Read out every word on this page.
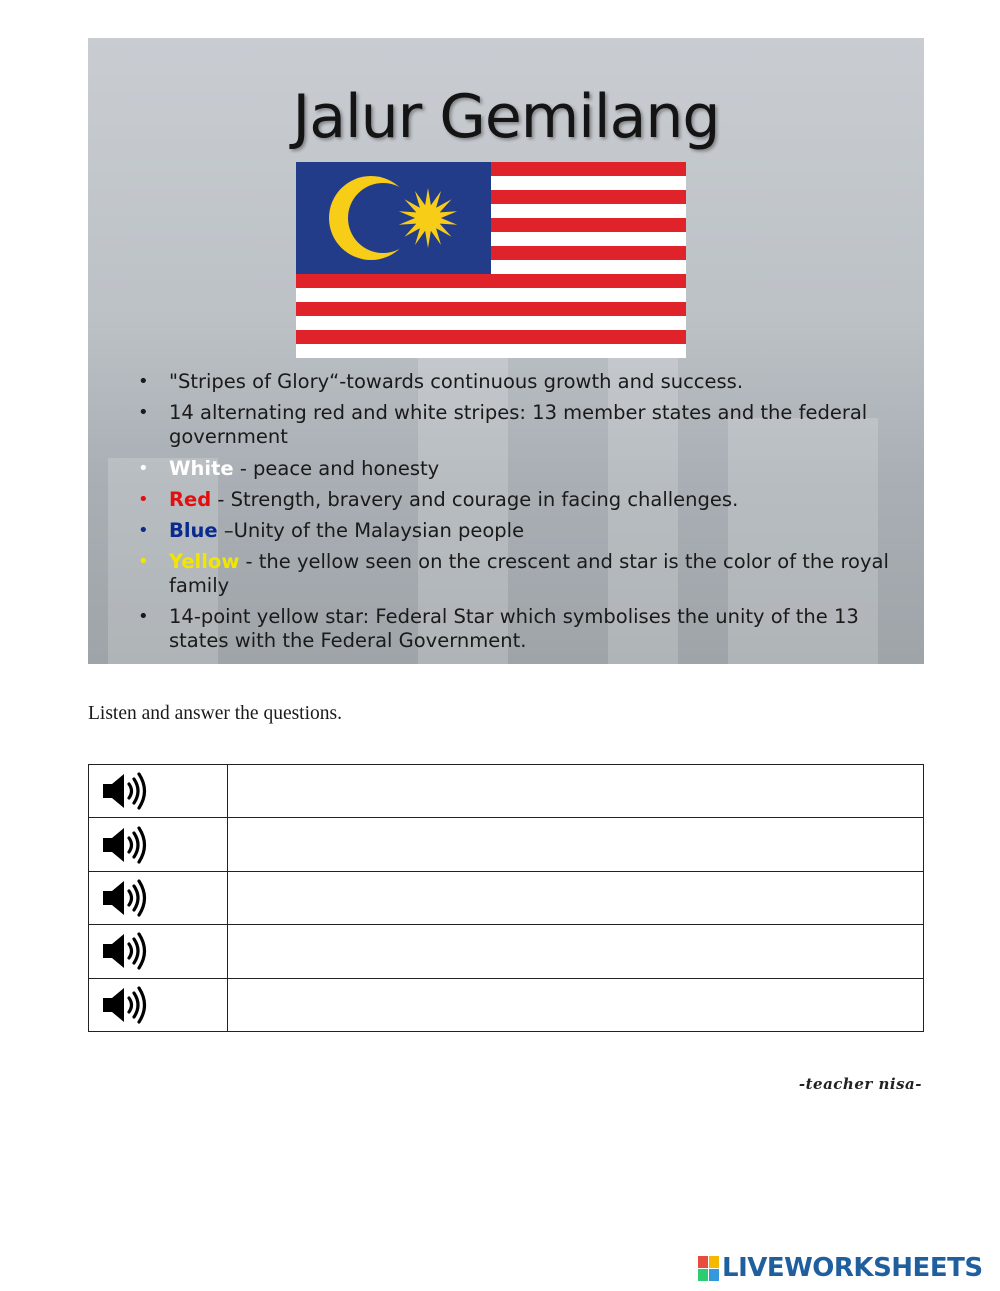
Jalur Gemilang
• "Stripes of Glory“-towards continuous growth and success.
• 14 alternating red and white stripes: 13 member states and the federal government
• White - peace and honesty
• Red - Strength, bravery and courage in facing challenges.
• Blue –Unity of the Malaysian people
• Yellow - the yellow seen on the crescent and star is the color of the royal family
• 14-point yellow star: Federal Star which symbolises the unity of the 13 states with the Federal Government.
Listen and answer the questions.

-teacher nisa-
LIVEWORKSHEETS
